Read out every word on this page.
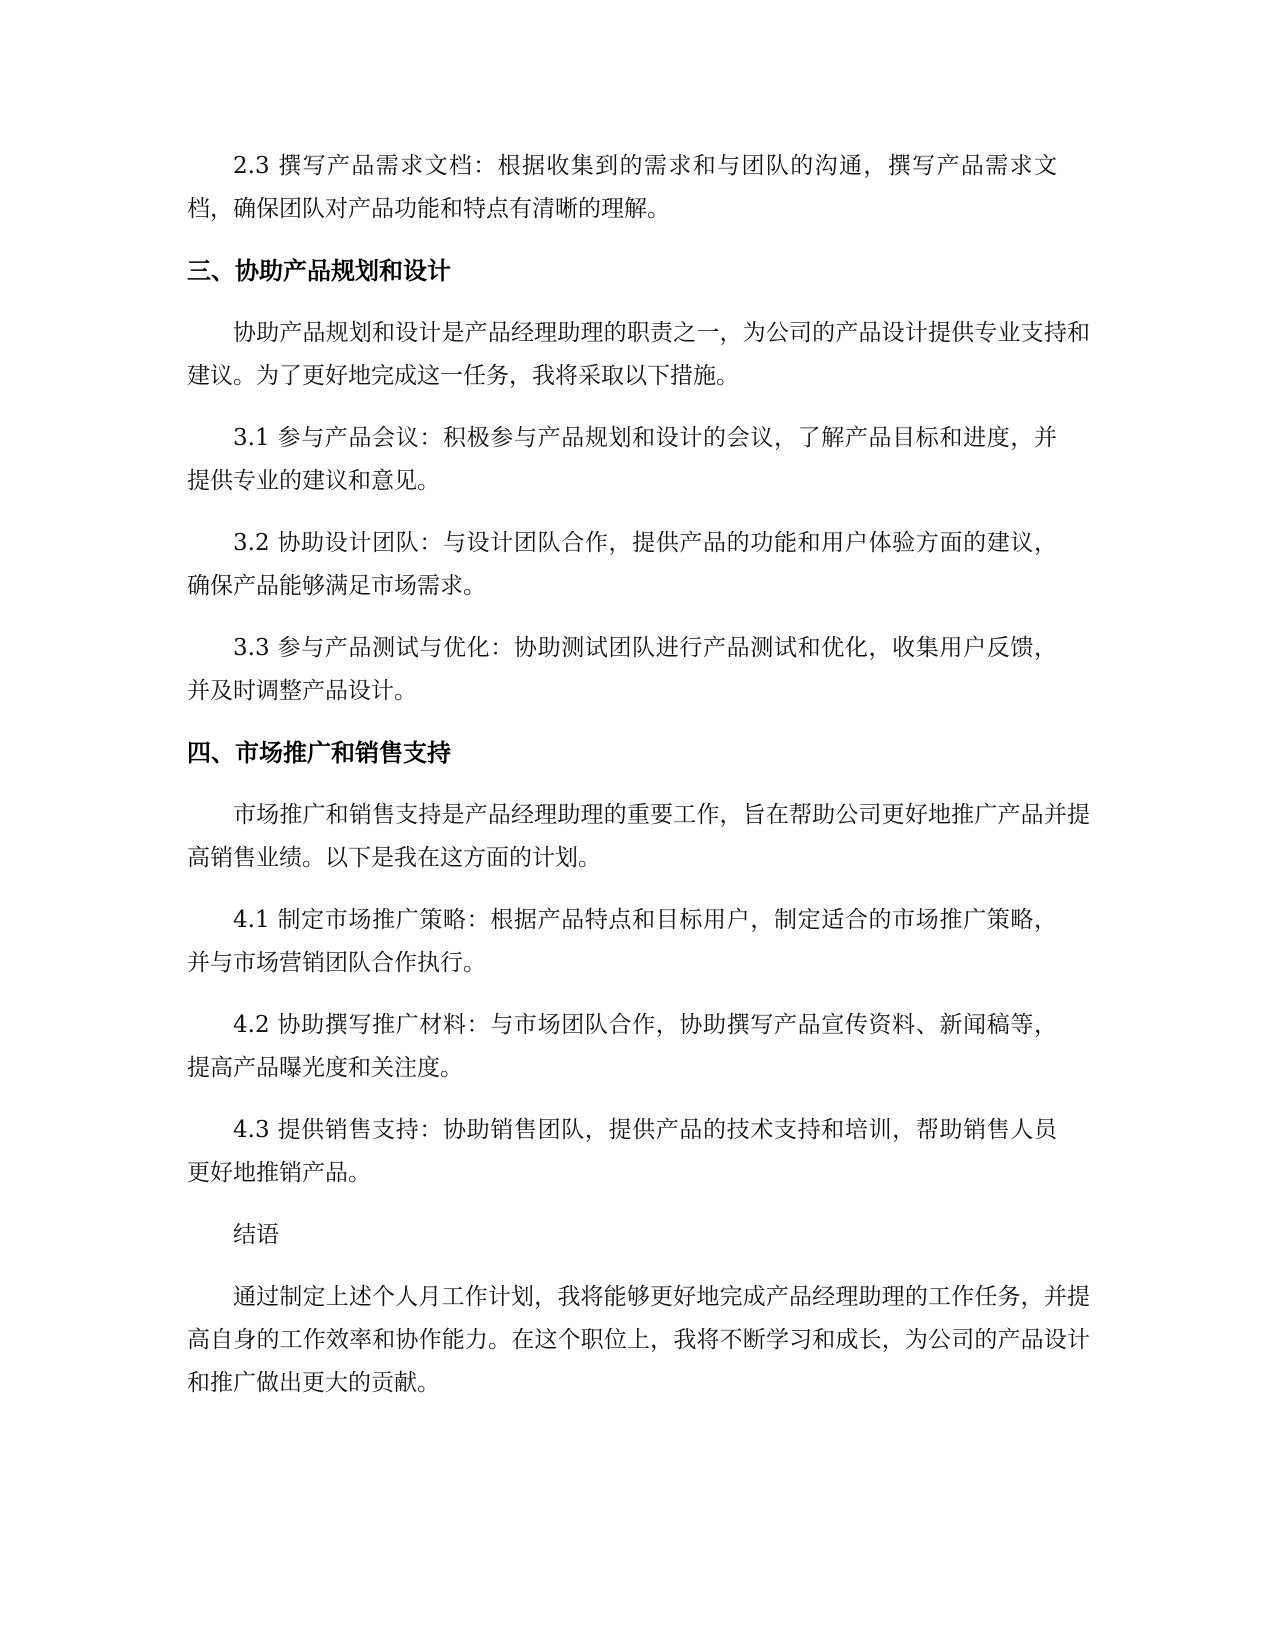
2.3 撰写产品需求文档：根据收集到的需求和与团队的沟通，撰写产品需求文档，确保团队对产品功能和特点有清晰的理解。

三、协助产品规划和设计

协助产品规划和设计是产品经理助理的职责之一，为公司的产品设计提供专业支持和建议。为了更好地完成这一任务，我将采取以下措施。

3.1 参与产品会议：积极参与产品规划和设计的会议，了解产品目标和进度，并提供专业的建议和意见。

3.2 协助设计团队：与设计团队合作，提供产品的功能和用户体验方面的建议，确保产品能够满足市场需求。

3.3 参与产品测试与优化：协助测试团队进行产品测试和优化，收集用户反馈，并及时调整产品设计。

四、市场推广和销售支持

市场推广和销售支持是产品经理助理的重要工作，旨在帮助公司更好地推广产品并提高销售业绩。以下是我在这方面的计划。

4.1 制定市场推广策略：根据产品特点和目标用户，制定适合的市场推广策略，并与市场营销团队合作执行。

4.2 协助撰写推广材料：与市场团队合作，协助撰写产品宣传资料、新闻稿等，提高产品曝光度和关注度。

4.3 提供销售支持：协助销售团队，提供产品的技术支持和培训，帮助销售人员更好地推销产品。

结语

通过制定上述个人月工作计划，我将能够更好地完成产品经理助理的工作任务，并提高自身的工作效率和协作能力。在这个职位上，我将不断学习和成长，为公司的产品设计和推广做出更大的贡献。
